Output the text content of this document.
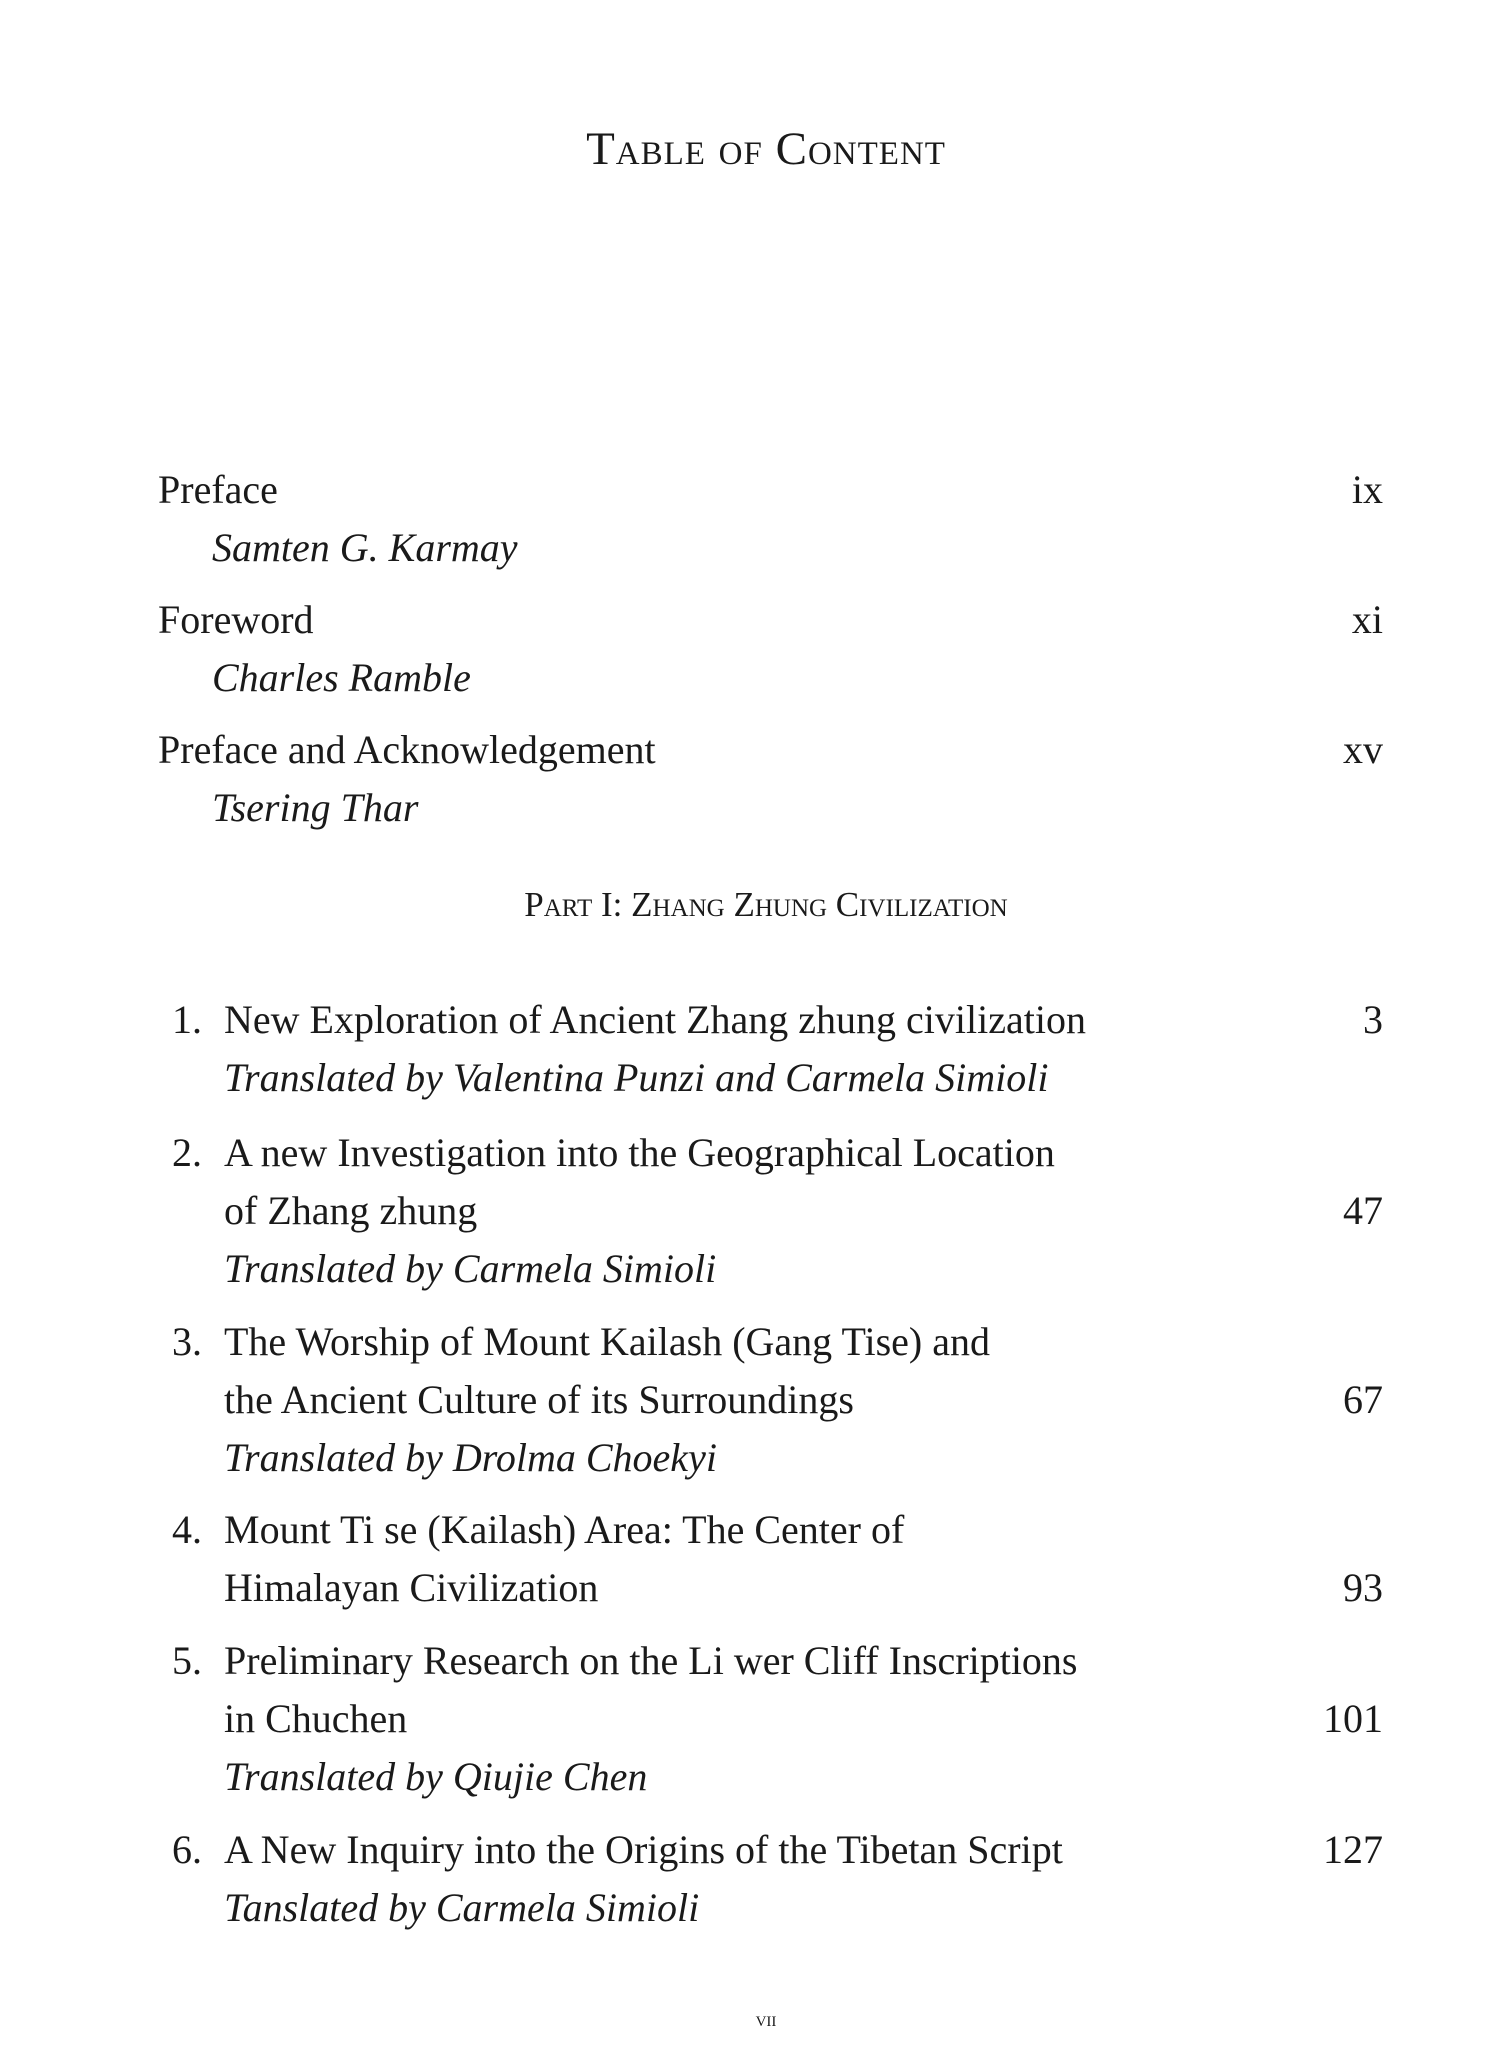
Table of Content
Preface	ix
Samten G. Karmay
Foreword	xi
Charles Ramble
Preface and Acknowledgement	xv
Tsering Thar
Part I: Zhang Zhung Civilization
1. New Exploration of Ancient Zhang zhung civilization	3
Translated by Valentina Punzi and Carmela Simioli
2. A new Investigation into the Geographical Location
of Zhang zhung	47
Translated by Carmela Simioli
3. The Worship of Mount Kailash (Gang Tise) and
the Ancient Culture of its Surroundings	67
Translated by Drolma Choekyi
4. Mount Ti se (Kailash) Area: The Center of
Himalayan Civilization	93
5. Preliminary Research on the Li wer Cliff Inscriptions
in Chuchen	101
Translated by Qiujie Chen
6. A New Inquiry into the Origins of the Tibetan Script	127
Tanslated by Carmela Simioli
vii
